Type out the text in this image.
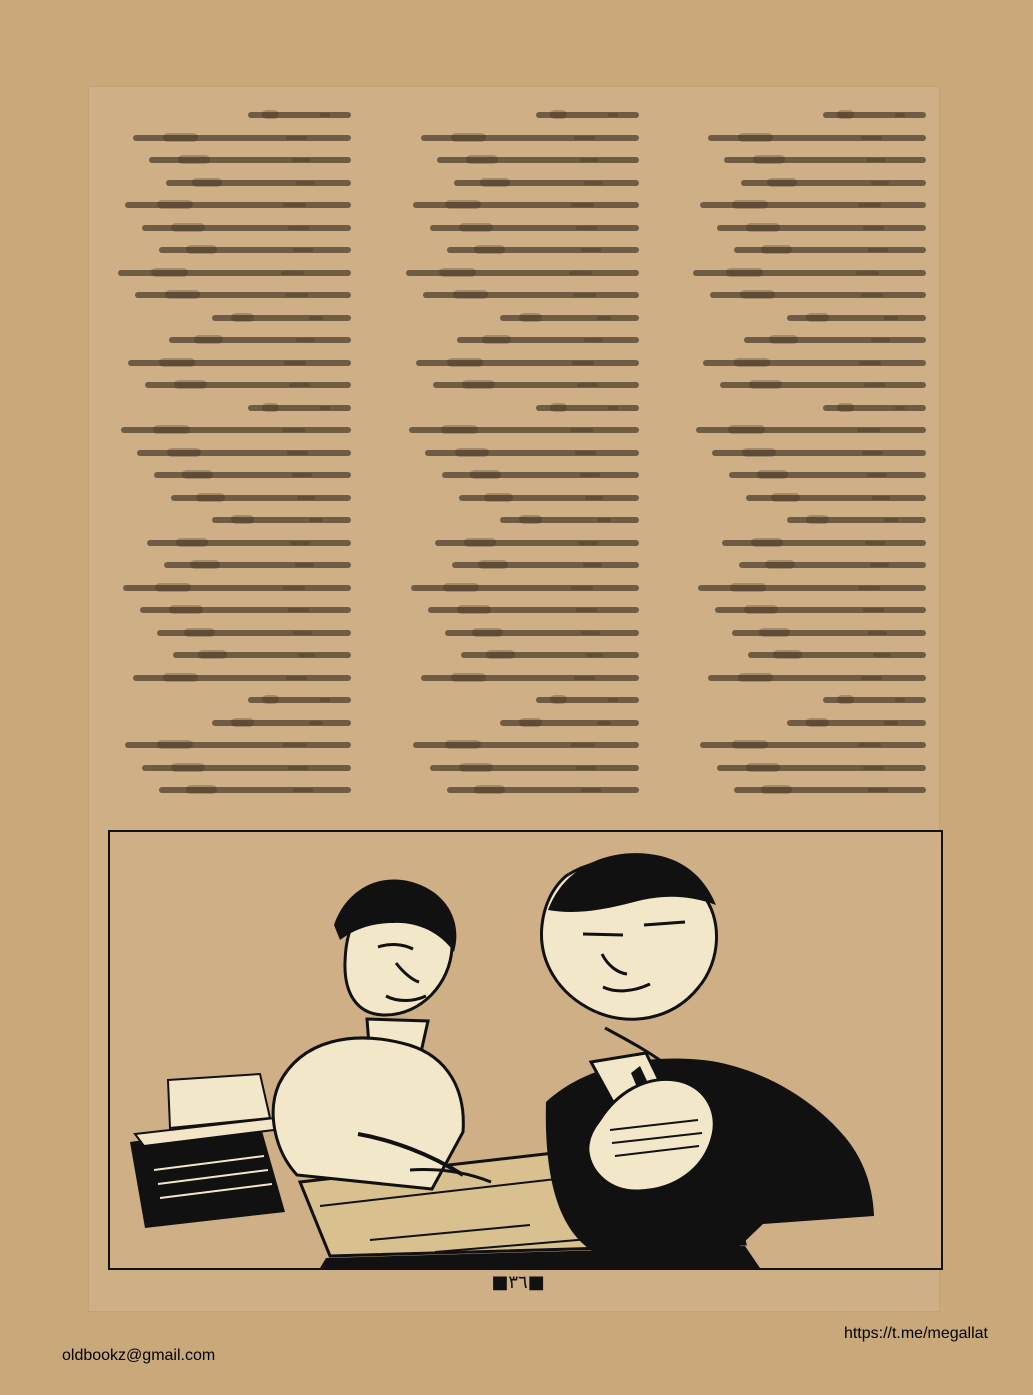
■٣٦■
https://t.me/megallat
oldbookz@gmail.com
